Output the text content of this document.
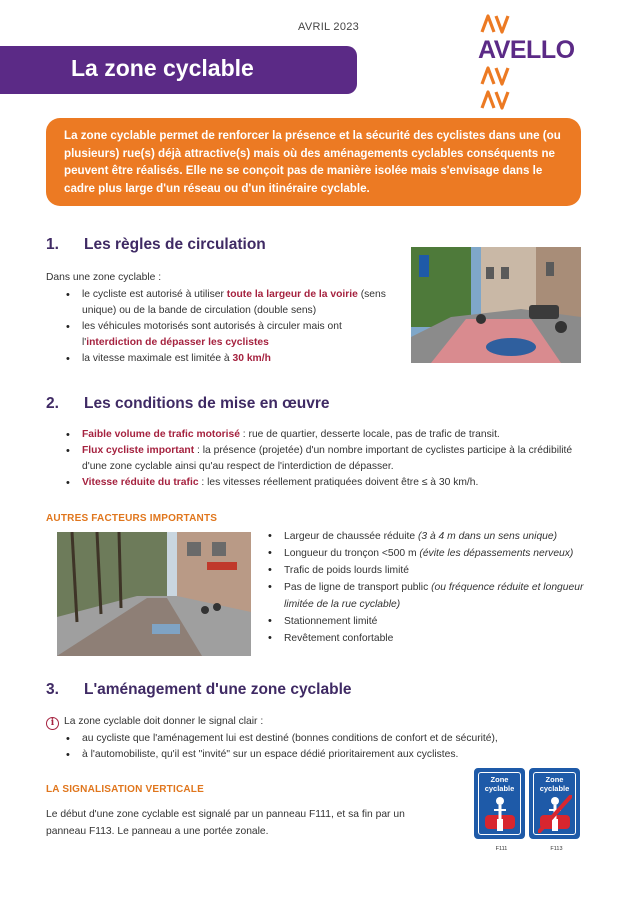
AVRIL 2023
AVELLO
La zone cyclable

La zone cyclable permet de renforcer la présence et la sécurité des cyclistes dans une (ou plusieurs) rue(s) déjà attractive(s) mais où des aménagements cyclables conséquents ne peuvent être réalisés. Elle ne se conçoit pas de manière isolée mais s'envisage dans le cadre plus large d'un réseau ou d'un itinéraire cyclable.

1. Les règles de circulation
Dans une zone cyclable :
• le cycliste est autorisé à utiliser toute la largeur de la voirie (sens unique) ou de la bande de circulation (double sens)
• les véhicules motorisés sont autorisés à circuler mais ont l'interdiction de dépasser les cyclistes
• la vitesse maximale est limitée à 30 km/h
2. Les conditions de mise en œuvre
• Faible volume de trafic motorisé : rue de quartier, desserte locale, pas de trafic de transit.
• Flux cycliste important : la présence (projetée) d'un nombre important de cyclistes participe à la crédibilité d'une zone cyclable ainsi qu'au respect de l'interdiction de dépasser.
• Vitesse réduite du trafic : les vitesses réellement pratiquées doivent être ≤ à 30 km/h.
AUTRES FACTEURS IMPORTANTS
• Largeur de chaussée réduite (3 à 4 m dans un sens unique)
• Longueur du tronçon <500 m (évite les dépassements nerveux)
• Trafic de poids lourds limité
• Pas de ligne de transport public (ou fréquence réduite et longueur limitée de la rue cyclable)
• Stationnement limité
• Revêtement confortable
3. L'aménagement d'une zone cyclable
i La zone cyclable doit donner le signal clair :
• au cycliste que l'aménagement lui est destiné (bonnes conditions de confort et de sécurité),
• à l'automobiliste, qu'il est "invité" sur un espace dédié prioritairement aux cyclistes.
LA SIGNALISATION VERTICALE
Le début d'une zone cyclable est signalé par un panneau F111, et sa fin par un panneau F113. Le panneau a une portée zonale.
Zone cyclable
F111
Zone cyclable
F113
